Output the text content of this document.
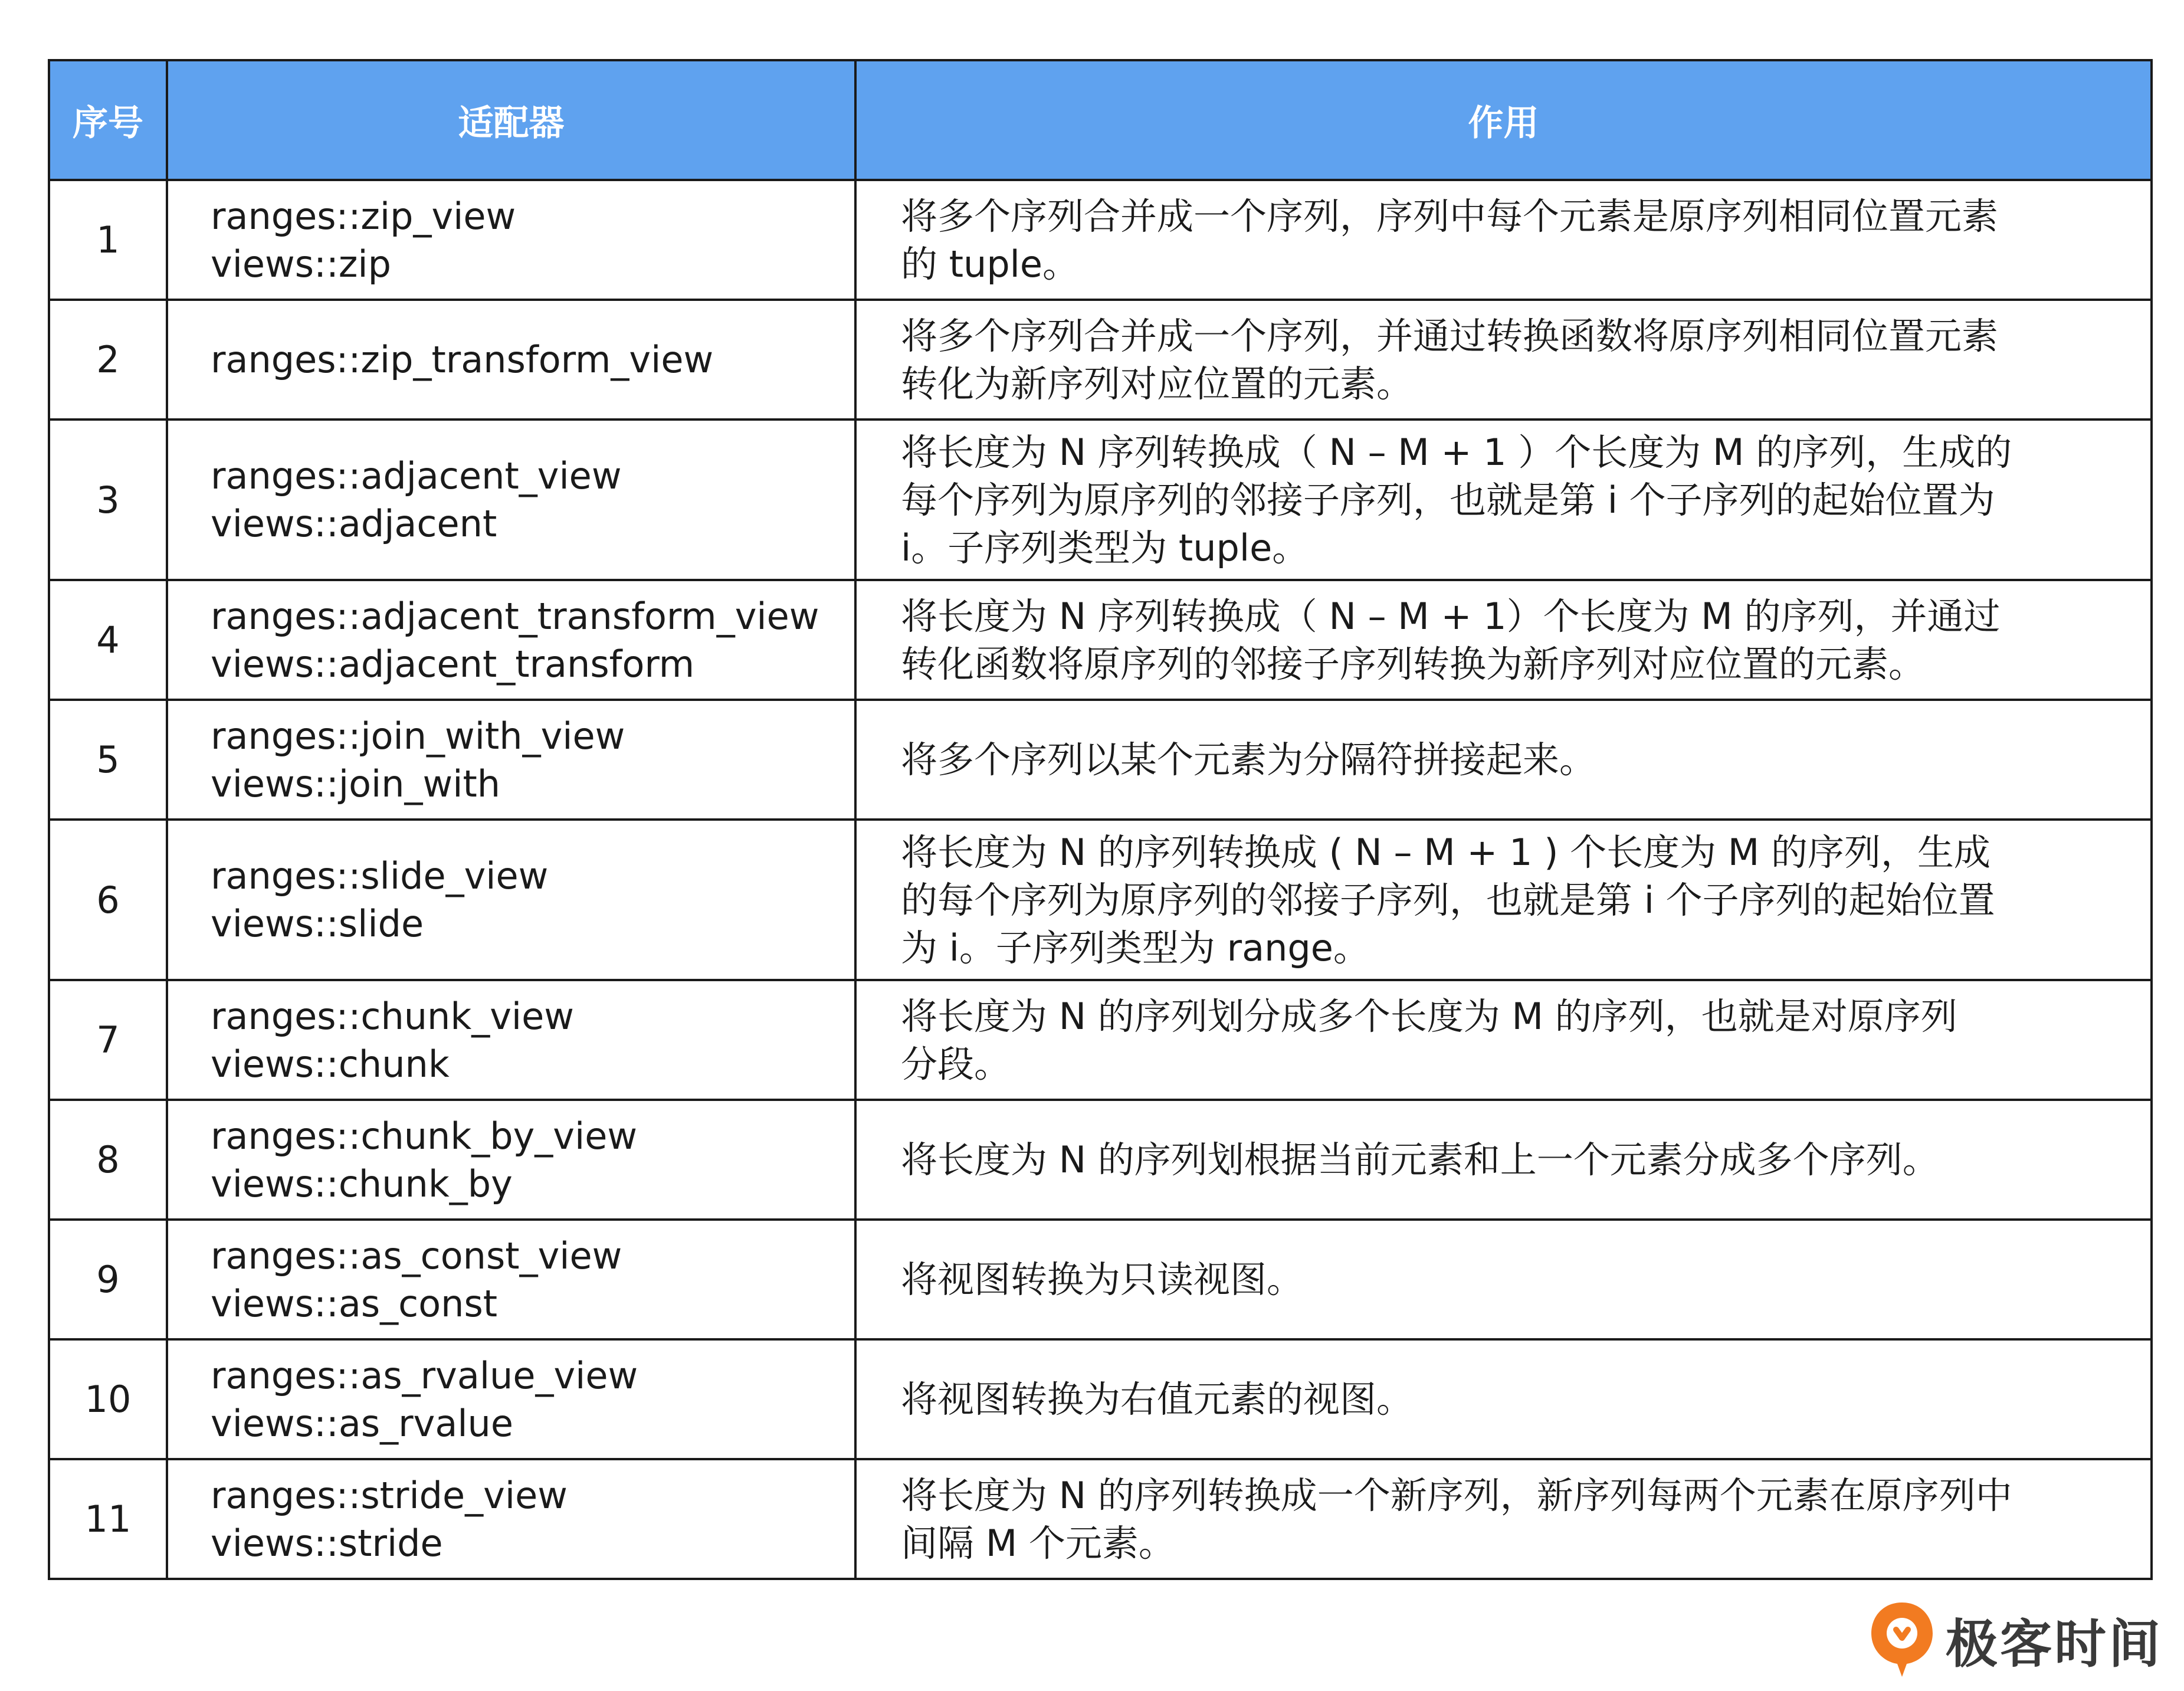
序号	适配器	作用
1	ranges::zip_view
views::zip	将多个序列合并成一个序列，序列中每个元素是原序列相同位置元素
的 tuple。

2	ranges::zip_transform_view	将多个序列合并成一个序列，并通过转换函数将原序列相同位置元素
转化为新序列对应位置的元素。

3	ranges::adjacent_view
views::adjacent	将长度为 N 序列转换成（ N – M + 1 ）个长度为 M 的序列，生成的
每个序列为原序列的邻接子序列，也就是第 i 个子序列的起始位置为
i。子序列类型为 tuple。

4	ranges::adjacent_transform_view
views::adjacent_transform	将长度为 N 序列转换成（ N – M + 1）个长度为 M 的序列，并通过
转化函数将原序列的邻接子序列转换为新序列对应位置的元素。

5	ranges::join_with_view
views::join_with	将多个序列以某个元素为分隔符拼接起来。

6	ranges::slide_view
views::slide	将长度为 N 的序列转换成 ( N – M + 1 ) 个长度为 M 的序列，生成
的每个序列为原序列的邻接子序列，也就是第 i 个子序列的起始位置
为 i。子序列类型为 range。

7	ranges::chunk_view
views::chunk	将长度为 N 的序列划分成多个长度为 M 的序列，也就是对原序列
分段。

8	ranges::chunk_by_view
views::chunk_by	将长度为 N 的序列划根据当前元素和上一个元素分成多个序列。

9	ranges::as_const_view
views::as_const	将视图转换为只读视图。

10	ranges::as_rvalue_view
views::as_rvalue	将视图转换为右值元素的视图。

11	ranges::stride_view
views::stride	将长度为 N 的序列转换成一个新序列，新序列每两个元素在原序列中
间隔 M 个元素。
极客时间
